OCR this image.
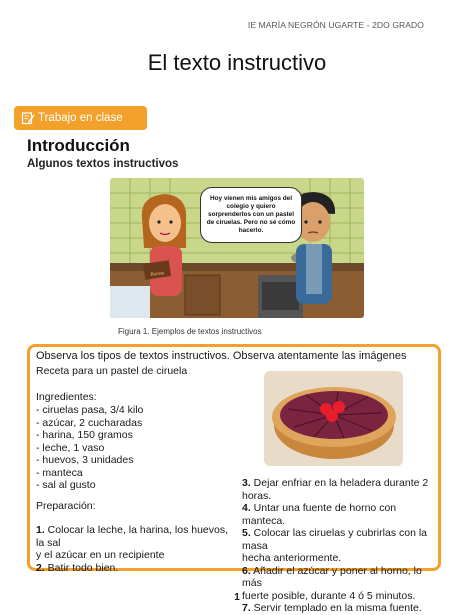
IE MARÍA NEGRÓN UGARTE - 2DO GRADO
El texto instructivo
Trabajo en clase
Introducción
Algunos textos instructivos
Receta
Hoy vienen mis amigos del colegio y quiero sorprenderlos con un pastel de ciruelas. Pero no sé cómo hacerlo.
Figura 1. Ejemplos de textos instructivos
Observa los tipos de textos instructivos. Observa atentamente las imágenes
Receta para un pastel de ciruela
Ingredientes:
- ciruelas pasa, 3/4 kilo
- azúcar, 2 cucharadas
- harina, 150 gramos
- leche, 1 vaso
- huevos, 3 unidades
- manteca
- sal al gusto
Preparación:
1. Colocar la leche, la harina, los huevos, la sal
y el azúcar en un recipiente
2. Batir todo bien.
3. Dejar enfriar en la heladera durante 2 horas.
4. Untar una fuente de horno con manteca.
5. Colocar las ciruelas y cubrirlas con la masa
hecha anteriormente.
6. Añadir el azúcar y poner al horno, lo más
fuerte posible, durante 4 ó 5 minutos.
7. Servir templado en la misma fuente.
1
